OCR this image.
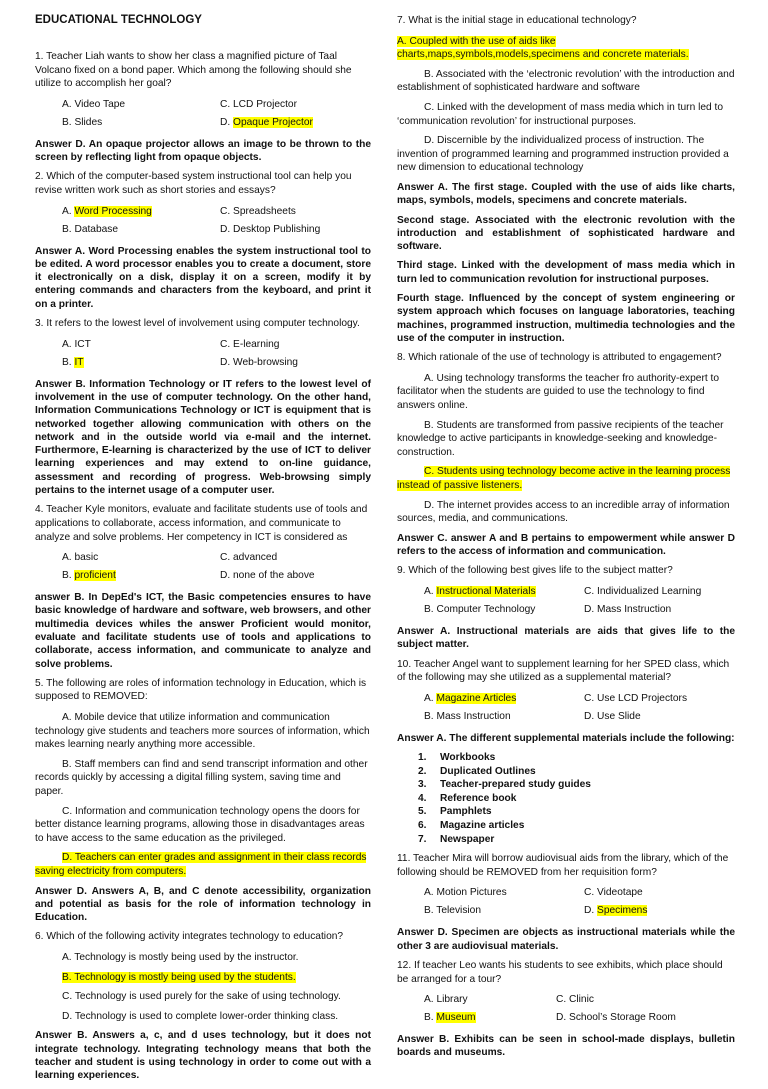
EDUCATIONAL TECHNOLOGY
1. Teacher Liah wants to show her class a magnified picture of Taal Volcano fixed on a bond paper. Which among the following should she utilize to accomplish her goal?
A. Video Tape	C. LCD Projector
B. Slides	D. Opaque Projector
Answer D. An opaque projector allows an image to be thrown to the screen by reflecting light from opaque objects.
2. Which of the computer-based system instructional tool can help you revise written work such as short stories and essays?
A. Word Processing	C. Spreadsheets
B. Database	D. Desktop Publishing
Answer A. Word Processing enables the system instructional tool to be edited. A word processor enables you to create a document, store it electronically on a disk, display it on a screen, modify it by entering commands and characters from the keyboard, and print it on a printer.
3. It refers to the lowest level of involvement using computer technology.
A. ICT	C. E-learning
B. IT	D. Web-browsing
Answer B. Information Technology or IT refers to the lowest level of involvement in the use of computer technology. On the other hand, Information Communications Technology or ICT is equipment that is networked together allowing communication with others on the network and in the outside world via e-mail and the internet. Furthermore, E-learning is characterized by the use of ICT to deliver learning experiences and may extend to on-line guidance, assessment and recording of progress. Web-browsing simply pertains to the internet usage of a computer user.
4. Teacher Kyle monitors, evaluate and facilitate students use of tools and applications to collaborate, access information, and communicate to analyze and solve problems. Her competency in ICT is considered as
A. basic	C. advanced
B. proficient	D. none of the above
answer B. In DepEd's ICT, the Basic competencies ensures to have basic knowledge of hardware and software, web browsers, and other multimedia devices whiles the answer Proficient would monitor, evaluate and facilitate students use of tools and applications to collaborate, access information, and communicate to analyze and solve problems.
5. The following are roles of information technology in Education, which is supposed to REMOVED:
A. Mobile device that utilize information and communication technology give students and teachers more sources of information, which makes learning nearly anything more accessible.
B. Staff members can find and send transcript information and other records quickly by accessing a digital filling system, saving time and paper.
C. Information and communication technology opens the doors for better distance learning programs, allowing those in disadvantages areas to have access to the same education as the privileged.
D. Teachers can enter grades and assignment in their class records saving electricity from computers.
Answer D. Answers A, B, and C denote accessibility, organization and potential as basis for the role of information technology in Education.
6. Which of the following activity integrates technology to education?
A. Technology is mostly being used by the instructor.
B. Technology is mostly being used by the students.
C. Technology is used purely for the sake of using technology.
D. Technology is used to complete lower-order thinking class.
Answer B. Answers a, c, and d uses technology, but it does not integrate technology. Integrating technology means that both the teacher and student is using technology in order to come out with a learning experiences.
7. What is the initial stage in educational technology?
A. Coupled with the use of aids like charts,maps,symbols,models,specimens and concrete materials.
B. Associated with the ‘electronic revolution’ with the introduction and establishment of sophisticated hardware and software
C. Linked with the development of mass media which in turn led to ‘communication revolution’ for instructional purposes.
D. Discernible by the individualized process of instruction. The invention of programmed learning and programmed instruction provided a new dimension to educational technology
Answer A. The first stage. Coupled with the use of aids like charts, maps, symbols, models, specimens and concrete materials.
Second stage. Associated with the electronic revolution with the introduction and establishment of sophisticated hardware and software.
Third stage. Linked with the development of mass media which in turn led to communication revolution for instructional purposes.
Fourth stage. Influenced by the concept of system engineering or system approach which focuses on language laboratories, teaching machines, programmed instruction, multimedia technologies and the use of the computer in instruction.
8. Which rationale of the use of technology is attributed to engagement?
A. Using technology transforms the teacher fro authority-expert to facilitator when the students are guided to use the technology to find answers online.
B. Students are transformed from passive recipients of the teacher knowledge to active participants in knowledge-seeking and knowledge-construction.
C. Students using technology become active in the learning process instead of passive listeners.
D. The internet provides access to an incredible array of information sources, media, and communications.
Answer C. answer A and B pertains to empowerment while answer D refers to the access of information and communication.
9. Which of the following best gives life to the subject matter?
A. Instructional Materials	C. Individualized Learning
B. Computer Technology	D. Mass Instruction
Answer A. Instructional materials are aids that gives life to the subject matter.
10. Teacher Angel want to supplement learning for her SPED class, which of the following may she utilized as a supplemental material?
A. Magazine Articles	C. Use LCD Projectors
B. Mass Instruction	D. Use Slide
Answer A. The different supplemental materials include the following:
1. Workbooks
2. Duplicated Outlines
3. Teacher-prepared study guides
4. Reference book
5. Pamphlets
6. Magazine articles
7. Newspaper
11. Teacher Mira will borrow audiovisual aids from the library, which of the following should be REMOVED from her requisition form?
A. Motion Pictures	C. Videotape
B. Television	D. Specimens
Answer D. Specimen are objects as instructional materials while the other 3 are audiovisual materials.
12. If teacher Leo wants his students to see exhibits, which place should be arranged for a tour?
A. Library	C. Clinic
B. Museum	D. School’s Storage Room
Answer B. Exhibits can be seen in school-made displays, bulletin boards and museums.
